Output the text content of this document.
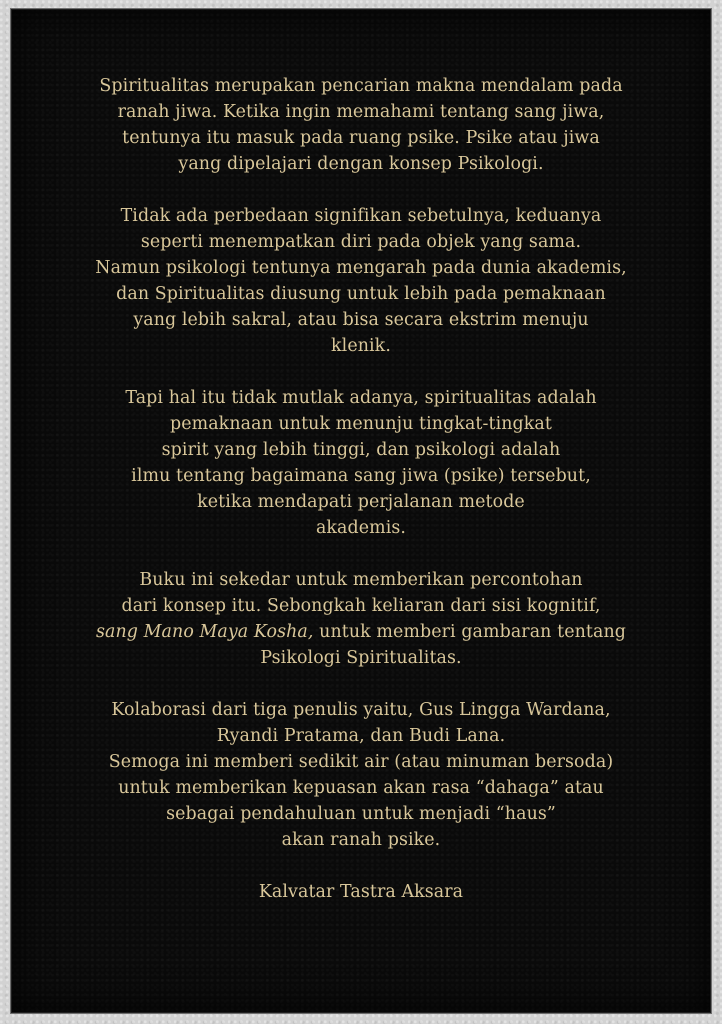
Spiritualitas merupakan pencarian makna mendalam pada
ranah jiwa. Ketika ingin memahami tentang sang jiwa,
tentunya itu masuk pada ruang psike. Psike atau jiwa
yang dipelajari dengan konsep Psikologi.

Tidak ada perbedaan signifikan sebetulnya, keduanya
seperti menempatkan diri pada objek yang sama.
Namun psikologi tentunya mengarah pada dunia akademis,
dan Spiritualitas diusung untuk lebih pada pemaknaan
yang lebih sakral, atau bisa secara ekstrim menuju
klenik.

Tapi hal itu tidak mutlak adanya, spiritualitas adalah
pemaknaan untuk menunju tingkat-tingkat
spirit yang lebih tinggi, dan psikologi adalah
ilmu tentang bagaimana sang jiwa (psike) tersebut,
ketika mendapati perjalanan metode
akademis.

Buku ini sekedar untuk memberikan percontohan
dari konsep itu. Sebongkah keliaran dari sisi kognitif,
sang Mano Maya Kosha, untuk memberi gambaran tentang
Psikologi Spiritualitas.

Kolaborasi dari tiga penulis yaitu, Gus Lingga Wardana,
Ryandi Pratama, dan Budi Lana.
Semoga ini memberi sedikit air (atau minuman bersoda)
untuk memberikan kepuasan akan rasa “dahaga” atau
sebagai pendahuluan untuk menjadi “haus”
akan ranah psike.

Kalvatar Tastra Aksara
